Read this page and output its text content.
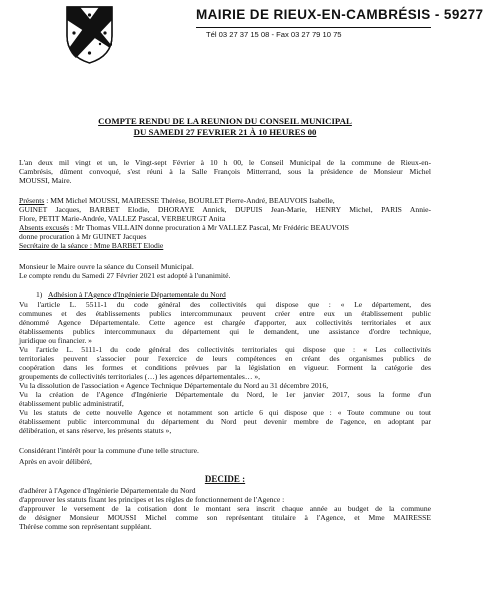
MAIRIE DE RIEUX-EN-CAMBRÉSIS - 59277
Tél 03 27 37 15 08 - Fax 03 27 79 10 75
COMPTE RENDU DE LA REUNION DU CONSEIL MUNICIPAL
DU SAMEDI 27 FEVRIER 21 À 10 HEURES 00
L'an deux mil vingt et un, le Vingt-sept Février à 10 h 00, le Conseil Municipal de la commune de Rieux-en-
Cambrésis, dûment convoqué, s'est réuni à la Salle François Mitterrand, sous la présidence de Monsieur Michel
MOUSSI, Maire.
Présents : MM Michel MOUSSI, MAIRESSE Thérèse, BOURLET Pierre-André, BEAUVOIS Isabelle,
GUINET Jacques, BARBET Elodie, DHORAYE Annick, DUPUIS Jean-Marie, HENRY Michel, PARIS Annie-
Flore, PETIT Marie-Andrée, VALLEZ Pascal, VERBEURGT Anita
Absents excusés : Mr Thomas VILLAIN donne procuration à Mr VALLEZ Pascal, Mr Frédéric BEAUVOIS
donne procuration à Mr GUINET Jacques
Secrétaire de la séance : Mme BARBET Elodie
Monsieur le Maire ouvre la séance du Conseil Municipal.
Le compte rendu du Samedi 27 Février 2021 est adopté à l'unanimité.
1) Adhésion à l'Agence d'Ingénierie Départementale du Nord
Vu l'article L. 5511-1 du code général des collectivités qui dispose que : « Le département, des
communes et des établissements publics intercommunaux peuvent créer entre eux un établissement public
dénommé Agence Départementale. Cette agence est chargée d'apporter, aux collectivités territoriales et aux
établissements publics intercommunaux du département qui le demandent, une assistance d'ordre technique,
juridique ou financier. »
Vu l'article L. 5111-1 du code général des collectivités territoriales qui dispose que : « Les collectivités
territoriales peuvent s'associer pour l'exercice de leurs compétences en créant des organismes publics de
coopération dans les formes et conditions prévues par la législation en vigueur. Forment la catégorie des
groupements de collectivités territoriales (…) les agences départementales… »,
Vu la dissolution de l'association « Agence Technique Départementale du Nord au 31 décembre 2016,
Vu la création de l'Agence d'Ingénierie Départementale du Nord, le 1er janvier 2017, sous la forme d'un
établissement public administratif,
Vu les statuts de cette nouvelle Agence et notamment son article 6 qui dispose que : « Toute commune ou tout
établissement public intercommunal du département du Nord peut devenir membre de l'agence, en adoptant par
délibération, et sans réserve, les présents statuts »,
Considérant l'intérêt pour la commune d'une telle structure.
Après en avoir délibéré,
DECIDE :
d'adhérer à l'Agence d'Ingénierie Départementale du Nord
d'approuver les statuts fixant les principes et les règles de fonctionnement de l'Agence :
d'approuver le versement de la cotisation dont le montant sera inscrit chaque année au budget de la commune
de désigner Monsieur MOUSSI Michel comme son représentant titulaire à l'Agence, et Mme MAIRESSE
Thérèse comme son représentant suppléant.
